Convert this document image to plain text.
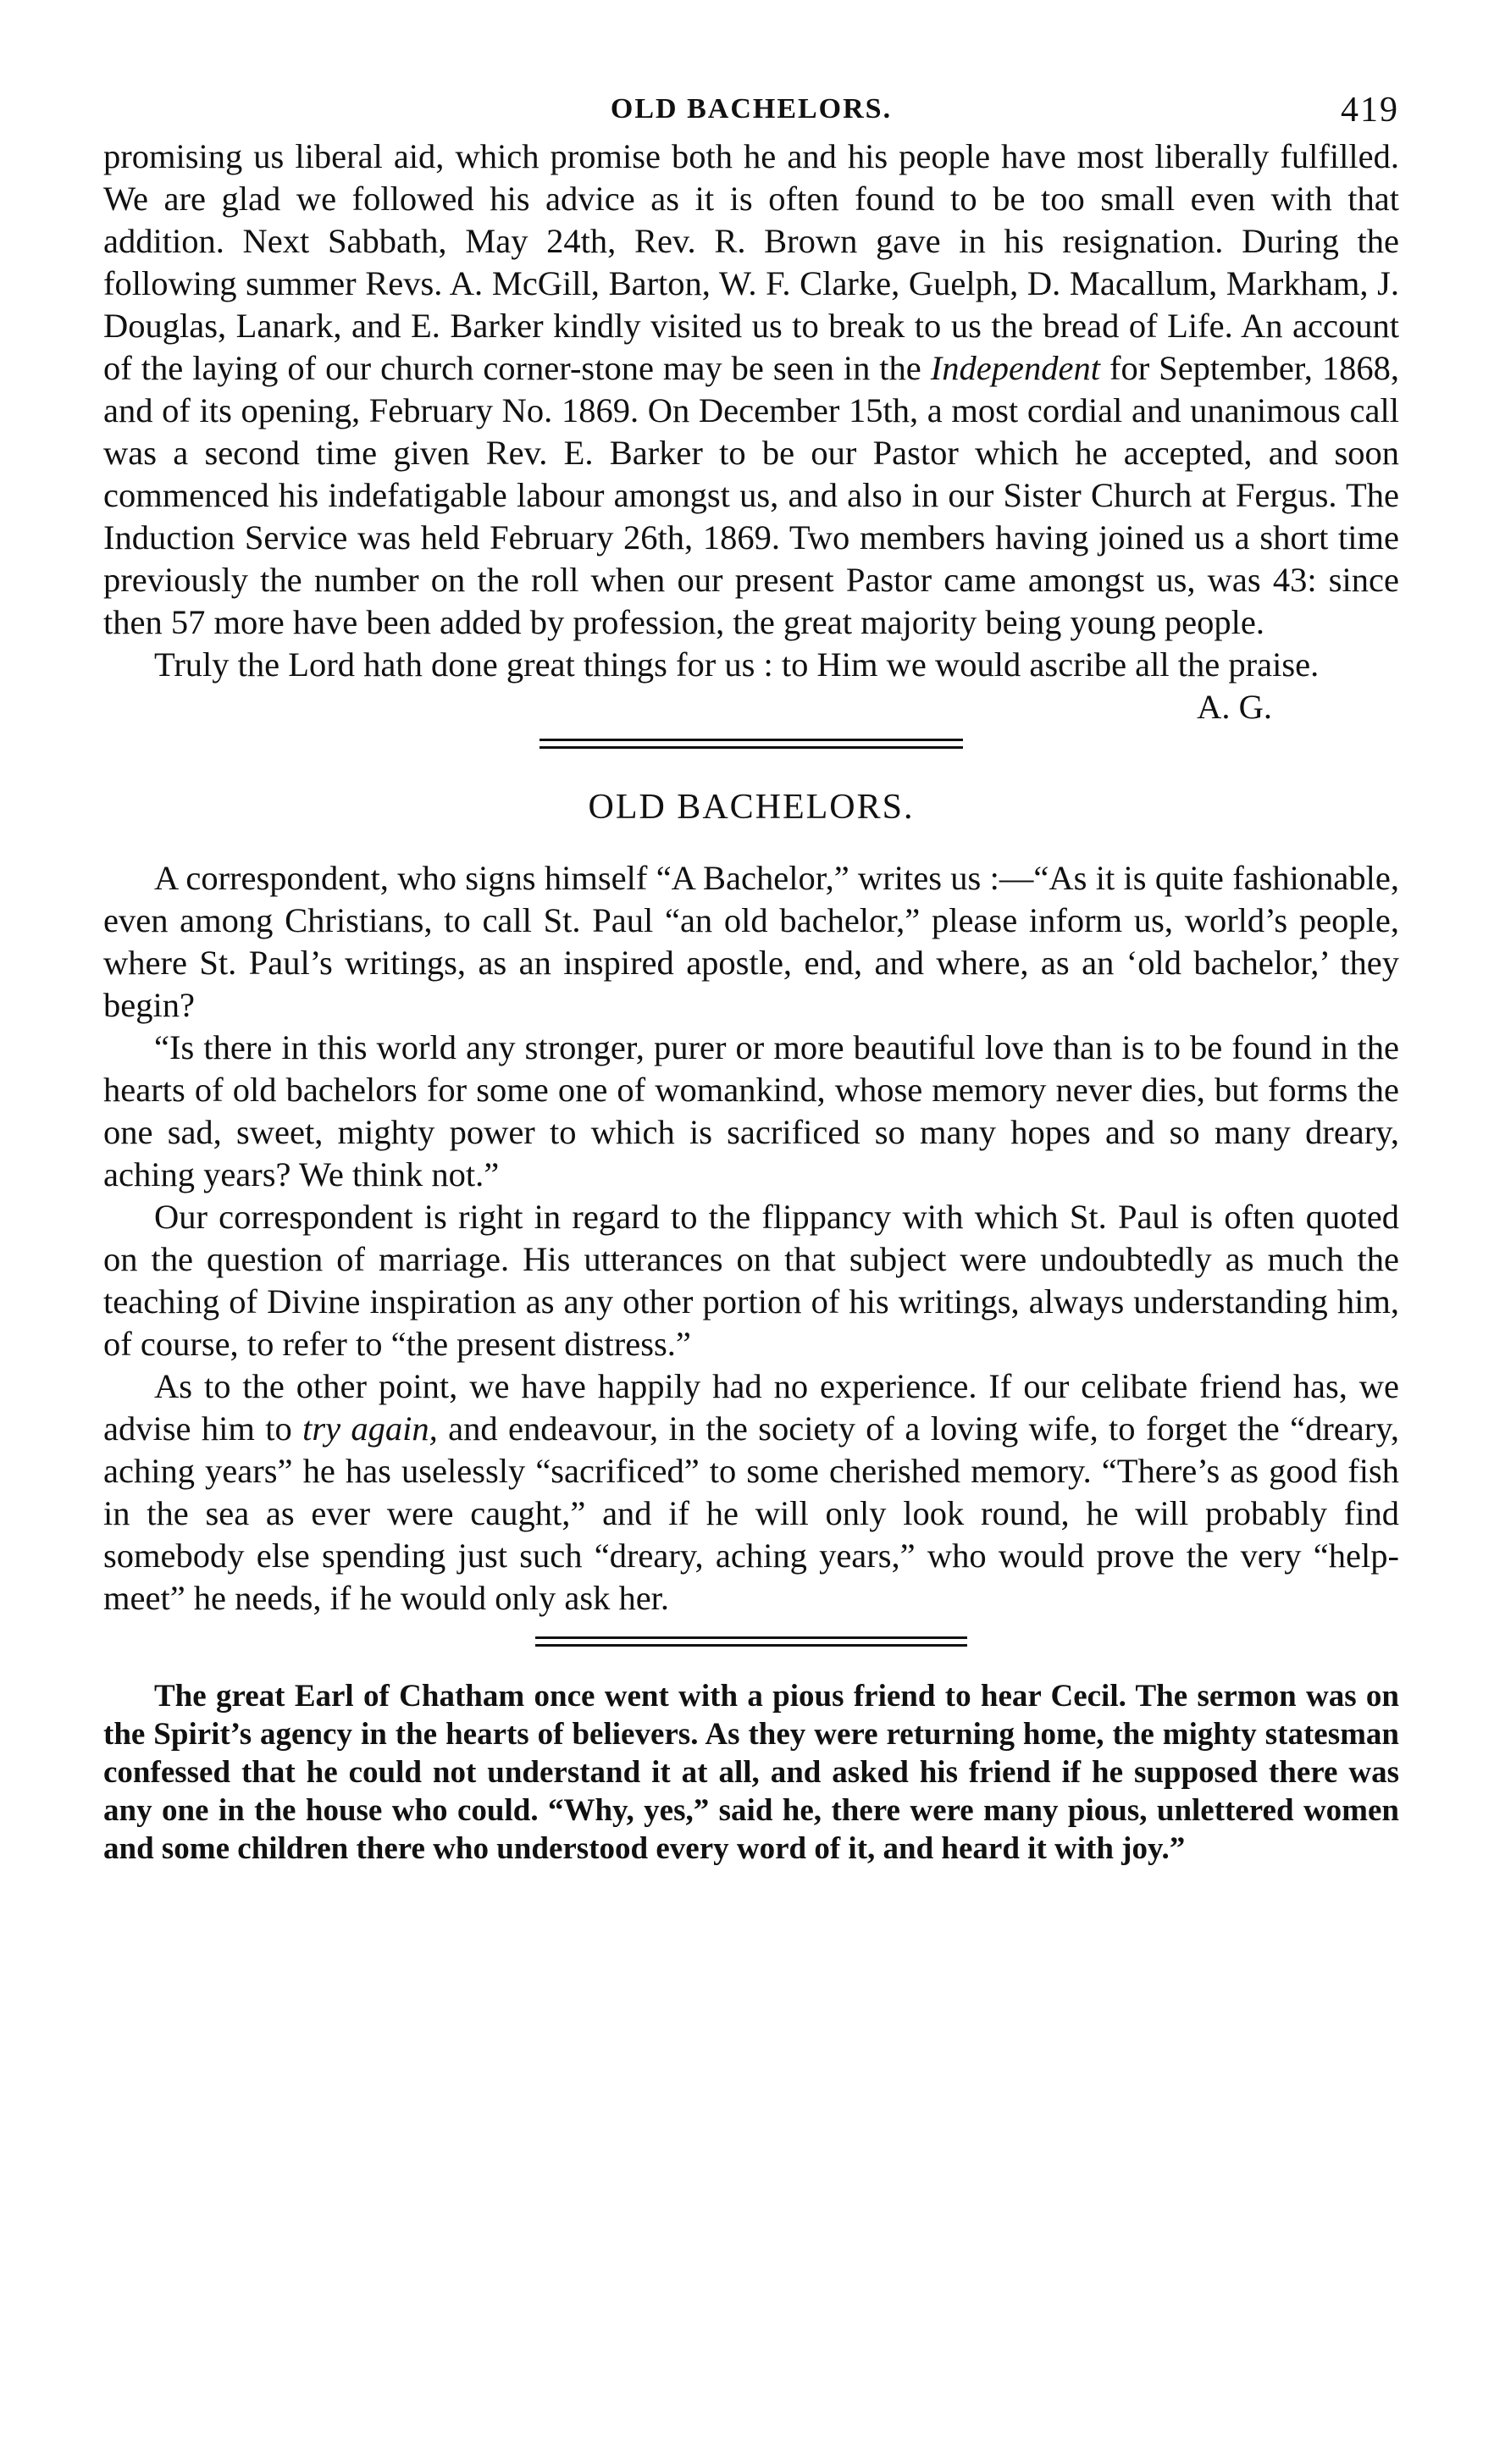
OLD BACHELORS.	419

promising us liberal aid, which promise both he and his people have most liberally fulfilled. We are glad we followed his advice as it is often found to be too small even with that addition. Next Sabbath, May 24th, Rev. R. Brown gave in his resignation. During the following summer Revs. A. McGill, Barton, W. F. Clarke, Guelph, D. Macallum, Markham, J. Douglas, Lanark, and E. Barker kindly visited us to break to us the bread of Life. An account of the laying of our church corner-stone may be seen in the Independent for September, 1868, and of its opening, February No. 1869. On December 15th, a most cordial and unanimous call was a second time given Rev. E. Barker to be our Pastor which he accepted, and soon commenced his indefatigable labour amongst us, and also in our Sister Church at Fergus. The Induction Service was held February 26th, 1869. Two members having joined us a short time previously the number on the roll when our present Pastor came amongst us, was 43: since then 57 more have been added by profession, the great majority being young people.

Truly the Lord hath done great things for us : to Him we would ascribe all the praise.

A. G.
OLD BACHELORS.

A correspondent, who signs himself “A Bachelor,” writes us :—“As it is quite fashionable, even among Christians, to call St. Paul “an old bachelor,” please inform us, world’s people, where St. Paul’s writings, as an inspired apostle, end, and where, as an ‘old bachelor,’ they begin?

“Is there in this world any stronger, purer or more beautiful love than is to be found in the hearts of old bachelors for some one of womankind, whose memory never dies, but forms the one sad, sweet, mighty power to which is sacrificed so many hopes and so many dreary, aching years? We think not.”

Our correspondent is right in regard to the flippancy with which St. Paul is often quoted on the question of marriage. His utterances on that subject were undoubtedly as much the teaching of Divine inspiration as any other portion of his writings, always understanding him, of course, to refer to “the present distress.”

As to the other point, we have happily had no experience. If our celibate friend has, we advise him to try again, and endeavour, in the society of a loving wife, to forget the “dreary, aching years” he has uselessly “sacrificed” to some cherished memory. “There’s as good fish in the sea as ever were caught,” and if he will only look round, he will probably find somebody else spending just such “dreary, aching years,” who would prove the very “help-meet” he needs, if he would only ask her.

The great Earl of Chatham once went with a pious friend to hear Cecil. The sermon was on the Spirit’s agency in the hearts of believers. As they were returning home, the mighty statesman confessed that he could not understand it at all, and asked his friend if he supposed there was any one in the house who could. “Why, yes,” said he, there were many pious, unlettered women and some children there who understood every word of it, and heard it with joy.”
